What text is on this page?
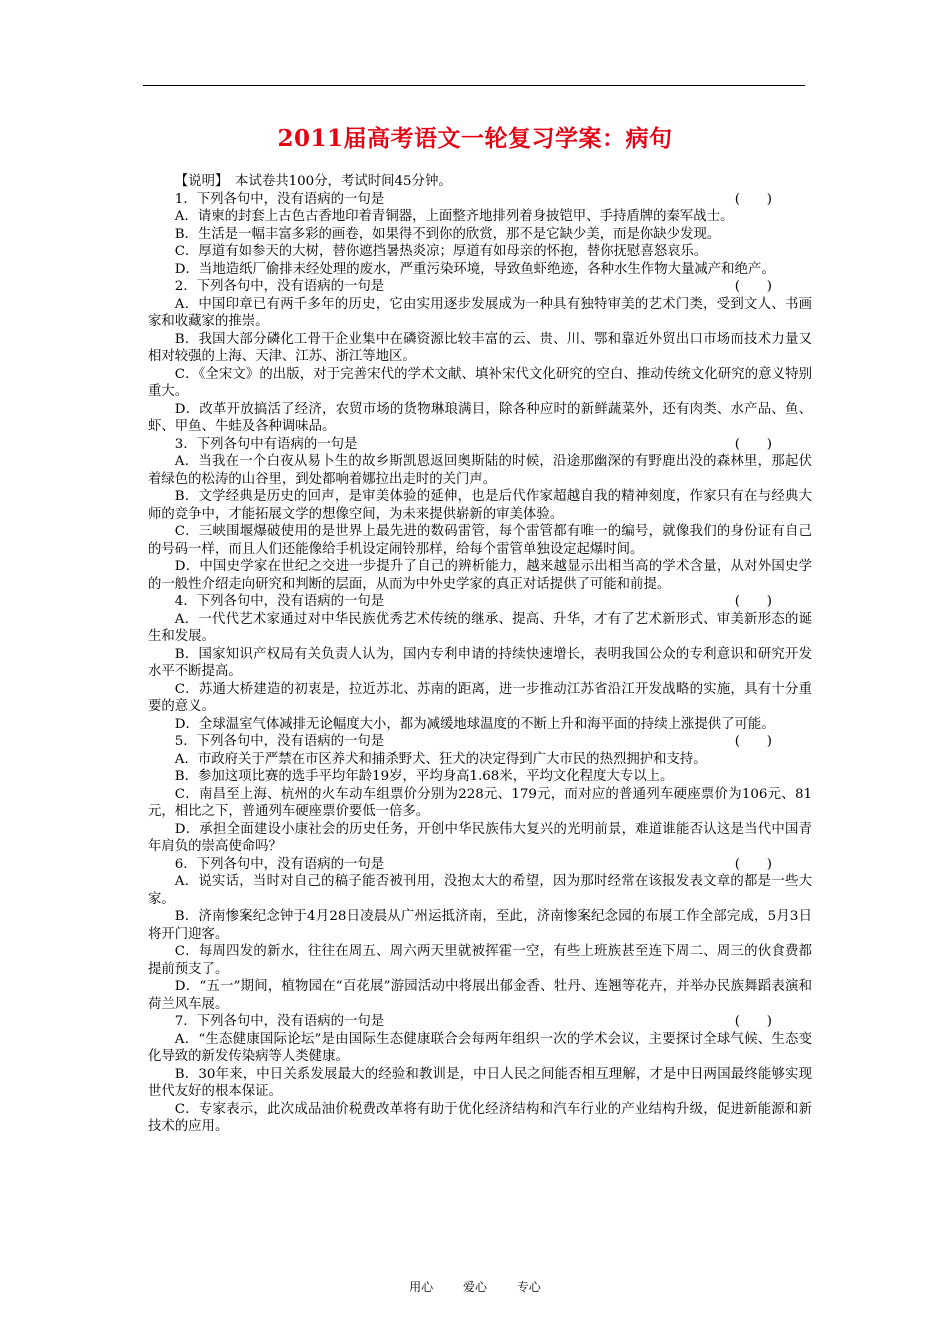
2011届高考语文一轮复习学案：病句

【说明】　本试卷共100分，考试时间45分钟。

1．下列各句中，没有语病的一句是	(　　)

A．请柬的封套上古色古香地印着青铜器，上面整齐地排列着身披铠甲、手持盾牌的秦军战士。

B．生活是一幅丰富多彩的画卷，如果得不到你的欣赏，那不是它缺少美，而是你缺少发现。

C．厚道有如参天的大树，替你遮挡暑热炎凉；厚道有如母亲的怀抱，替你抚慰喜怒哀乐。

D．当地造纸厂偷排未经处理的废水，严重污染环境，导致鱼虾绝迹，各种水生作物大量减产和绝产。

2．下列各句中，没有语病的一句是	(　　)

A．中国印章已有两千多年的历史，它由实用逐步发展成为一种具有独特审美的艺术门类，受到文人、书画家和收藏家的推崇。

B．我国大部分磷化工骨干企业集中在磷资源比较丰富的云、贵、川、鄂和靠近外贸出口市场而技术力量又相对较强的上海、天津、江苏、浙江等地区。

C．《全宋文》的出版，对于完善宋代的学术文献、填补宋代文化研究的空白、推动传统文化研究的意义特别重大。

D．改革开放搞活了经济，农贸市场的货物琳琅满目，除各种应时的新鲜蔬菜外，还有肉类、水产品、鱼、虾、甲鱼、牛蛙及各种调味品。

3．下列各句中有语病的一句是	(　　)

A．当我在一个白夜从易卜生的故乡斯凯恩返回奥斯陆的时候，沿途那幽深的有野鹿出没的森林里，那起伏着绿色的松涛的山谷里，到处都响着娜拉出走时的关门声。

B．文学经典是历史的回声，是审美体验的延伸，也是后代作家超越自我的精神刻度，作家只有在与经典大师的竞争中，才能拓展文学的想像空间，为未来提供崭新的审美体验。

C．三峡围堰爆破使用的是世界上最先进的数码雷管，每个雷管都有唯一的编号，就像我们的身份证有自己的号码一样，而且人们还能像给手机设定闹铃那样，给每个雷管单独设定起爆时间。

D．中国史学家在世纪之交进一步提升了自己的辨析能力，越来越显示出相当高的学术含量，从对外国史学的一般性介绍走向研究和判断的层面，从而为中外史学家的真正对话提供了可能和前提。

4．下列各句中，没有语病的一句是	(　　)

A．一代代艺术家通过对中华民族优秀艺术传统的继承、提高、升华，才有了艺术新形式、审美新形态的诞生和发展。

B．国家知识产权局有关负责人认为，国内专利申请的持续快速增长，表明我国公众的专利意识和研究开发水平不断提高。

C．苏通大桥建造的初衷是，拉近苏北、苏南的距离，进一步推动江苏省沿江开发战略的实施，具有十分重要的意义。

D．全球温室气体减排无论幅度大小，都为减缓地球温度的不断上升和海平面的持续上涨提供了可能。

5．下列各句中，没有语病的一句是	(　　)

A．市政府关于严禁在市区养犬和捕杀野犬、狂犬的决定得到广大市民的热烈拥护和支持。

B．参加这项比赛的选手平均年龄19岁，平均身高1.68米，平均文化程度大专以上。

C．南昌至上海、杭州的火车动车组票价分别为228元、179元，而对应的普通列车硬座票价为106元、81元，相比之下，普通列车硬座票价要低一倍多。

D．承担全面建设小康社会的历史任务，开创中华民族伟大复兴的光明前景，难道谁能否认这是当代中国青年肩负的崇高使命吗？

6．下列各句中，没有语病的一句是	(　　)

A．说实话，当时对自己的稿子能否被刊用，没抱太大的希望，因为那时经常在该报发表文章的都是一些大家。

B．济南惨案纪念钟于4月28日凌晨从广州运抵济南，至此，济南惨案纪念园的布展工作全部完成，5月3日将开门迎客。

C．每周四发的新水，往往在周五、周六两天里就被挥霍一空，有些上班族甚至连下周二、周三的伙食费都提前预支了。

D．“五一”期间，植物园在“百花展”游园活动中将展出郁金香、牡丹、连翘等花卉，并举办民族舞蹈表演和荷兰风车展。

7．下列各句中，没有语病的一句是	(　　)

A．“生态健康国际论坛”是由国际生态健康联合会每两年组织一次的学术会议，主要探讨全球气候、生态变化导致的新发传染病等人类健康。

B．30年来，中日关系发展最大的经验和教训是，中日人民之间能否相互理解，才是中日两国最终能够实现世代友好的根本保证。

C．专家表示，此次成品油价税费改革将有助于优化经济结构和汽车行业的产业结构升级，促进新能源和新技术的应用。

用心 爱心 专心
